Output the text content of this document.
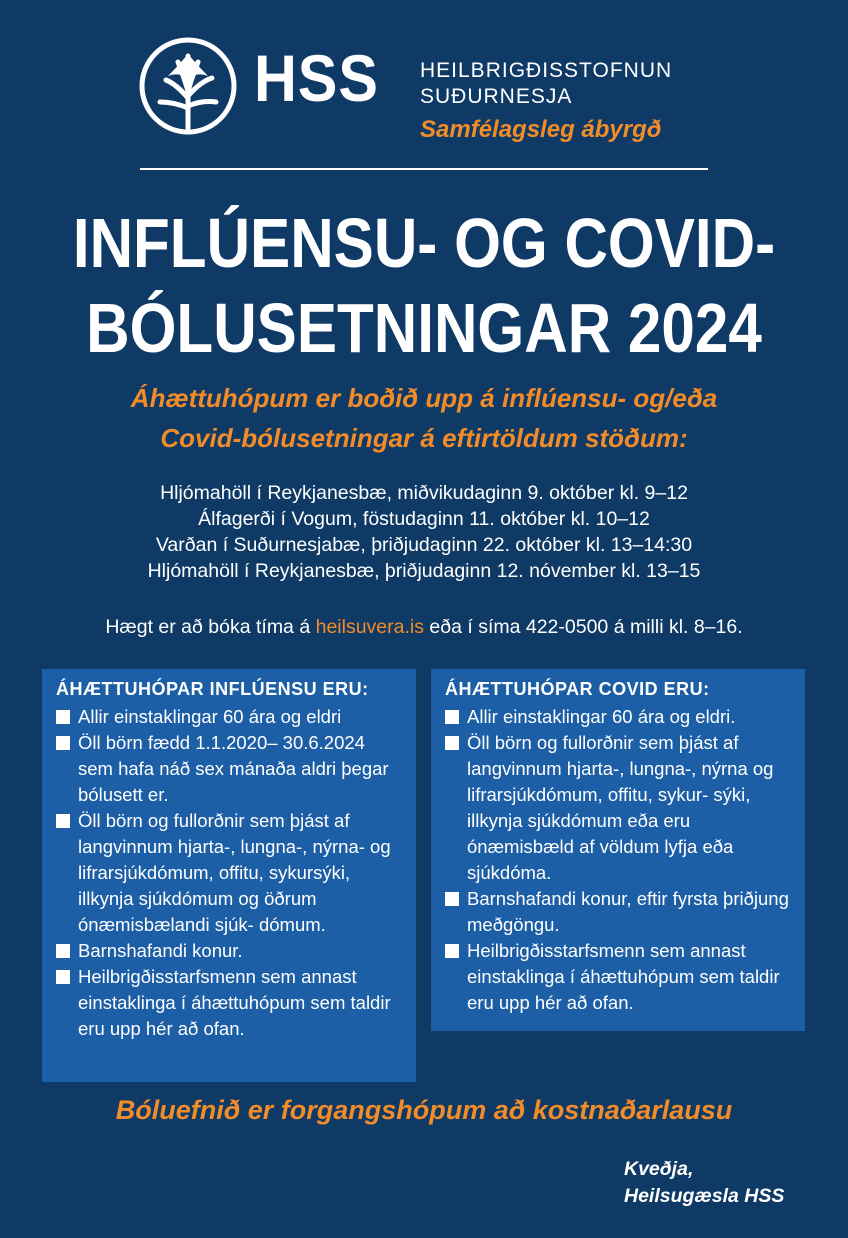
HSS HEILBRIGÐISSTOFNUN
SUÐURNESJA
Samfélagsleg ábyrgð
INFLÚENSU- OG COVID-
BÓLUSETNINGAR 2024
Áhættuhópum er boðið upp á inflúensu- og/eða
Covid-bólusetningar á eftirtöldum stöðum:
Hljómahöll í Reykjanesbæ, miðvikudaginn 9. október kl. 9–12
Álfagerði í Vogum, föstudaginn 11. október kl. 10–12
Varðan í Suðurnesjabæ, þriðjudaginn 22. október kl. 13–14:30
Hljómahöll í Reykjanesbæ, þriðjudaginn 12. nóvember kl. 13–15
Hægt er að bóka tíma á heilsuvera.is eða í síma 422-0500 á milli kl. 8–16.
ÁHÆTTUHÓPAR INFLÚENSU ERU:
Allir einstaklingar 60 ára og eldri
Öll börn fædd 1.1.2020– 30.6.2024 sem hafa náð sex mánaða aldri þegar bólusett er.
Öll börn og fullorðnir sem þjást af langvinnum hjarta-, lungna-, nýrna- og lifrarsjúkdómum, offitu, sykursýki, illkynja sjúkdómum og öðrum ónæmisbælandi sjúk- dómum.
Barnshafandi konur.
Heilbrigðisstarfsmenn sem annast einstaklinga í áhættuhópum sem taldir eru upp hér að ofan.
ÁHÆTTUHÓPAR COVID ERU:
Allir einstaklingar 60 ára og eldri.
Öll börn og fullorðnir sem þjást af langvinnum hjarta-, lungna-, nýrna og lifrarsjúkdómum, offitu, sykur- sýki, illkynja sjúkdómum eða eru ónæmisbæld af völdum lyfja eða sjúkdóma.
Barnshafandi konur, eftir fyrsta þriðjung meðgöngu.
Heilbrigðisstarfsmenn sem annast einstaklinga í áhættuhópum sem taldir eru upp hér að ofan.
Bóluefnið er forgangshópum að kostnaðarlausu
Kveðja,
Heilsugæsla HSS
